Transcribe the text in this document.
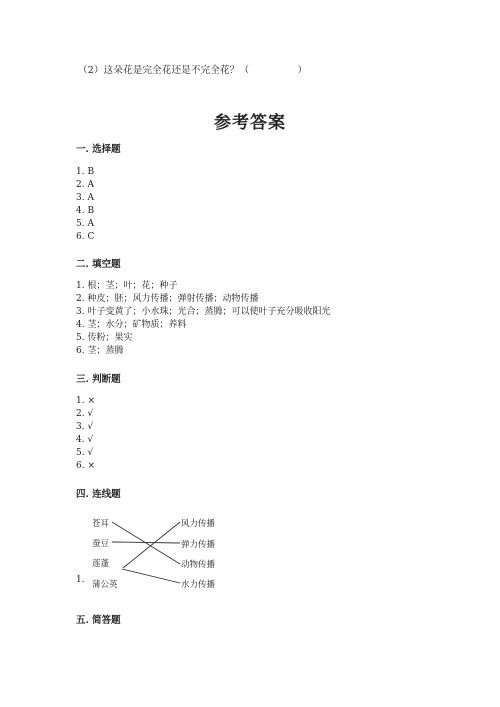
（2）这朵花是完全花还是不完全花？（　　　　　）
参考答案
一. 选择题
1. B
2. A
3. A
4. B
5. A
6. C
二. 填空题
1. 根；茎；叶；花；种子
2. 种皮；胚；风力传播；弹射传播；动物传播
3. 叶子变黄了；小水珠；光合；蒸腾；可以使叶子充分吸收阳光
4. 茎；水分；矿物质；养料
5. 传粉；果实
6. 茎；蒸腾
三. 判断题
1. ×
2. √
3. √
4. √
5. √
6. ×
四. 连线题
1.
苍耳
蚕豆
莲蓬
蒲公英
风力传播
弹力传播
动物传播
水力传播
五. 简答题
